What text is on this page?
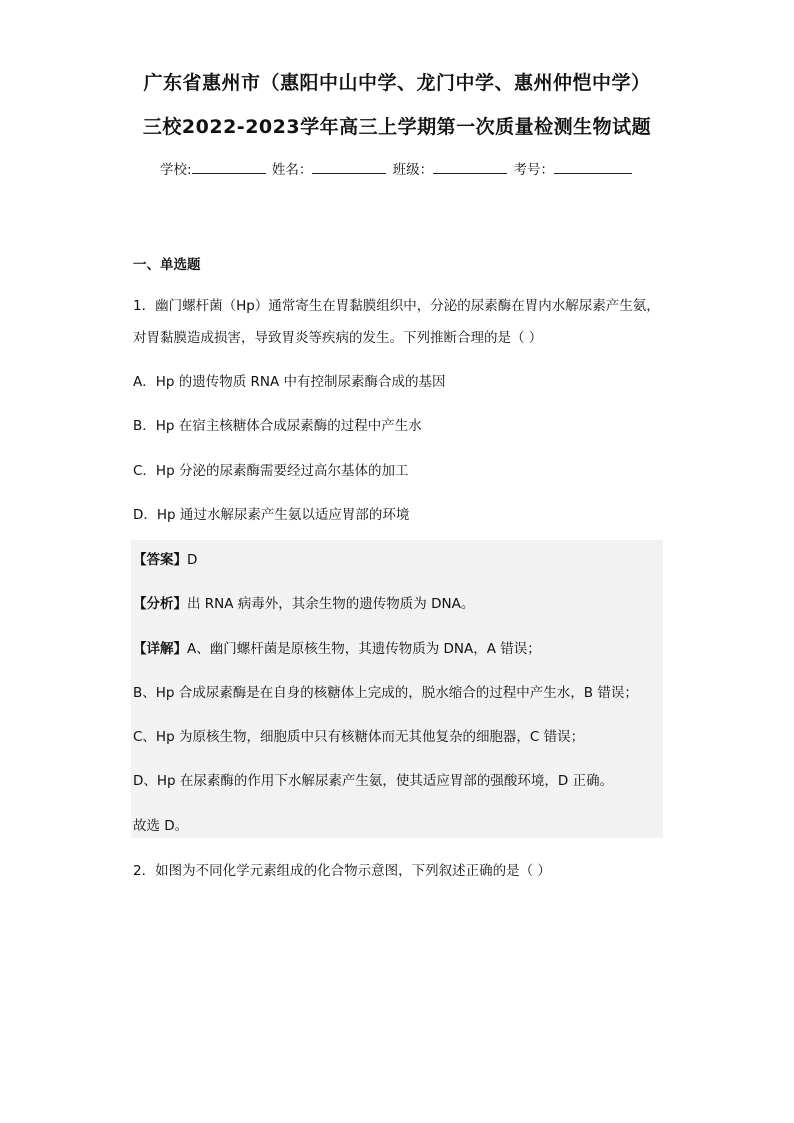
广东省惠州市（惠阳中山中学、龙门中学、惠州仲恺中学）
三校2022-2023学年高三上学期第一次质量检测生物试题
学校:	姓名：	班级：	考号：
一、单选题
1．幽门螺杆菌（Hp）通常寄生在胃黏膜组织中，分泌的尿素酶在胃内水解尿素产生氨，
对胃黏膜造成损害，导致胃炎等疾病的发生。下列推断合理的是（ ）
A．Hp 的遗传物质 RNA 中有控制尿素酶合成的基因
B．Hp 在宿主核糖体合成尿素酶的过程中产生水
C．Hp 分泌的尿素酶需要经过高尔基体的加工
D．Hp 通过水解尿素产生氨以适应胃部的环境
【答案】D
【分析】出 RNA 病毒外，其余生物的遗传物质为 DNA。
【详解】A、幽门螺杆菌是原核生物，其遗传物质为 DNA，A 错误；
B、Hp 合成尿素酶是在自身的核糖体上完成的，脱水缩合的过程中产生水，B 错误；
C、Hp 为原核生物，细胞质中只有核糖体而无其他复杂的细胞器，C 错误；
D、Hp 在尿素酶的作用下水解尿素产生氨，使其适应胃部的强酸环境，D 正确。
故选 D。
2．如图为不同化学元素组成的化合物示意图，下列叙述正确的是（ ）
